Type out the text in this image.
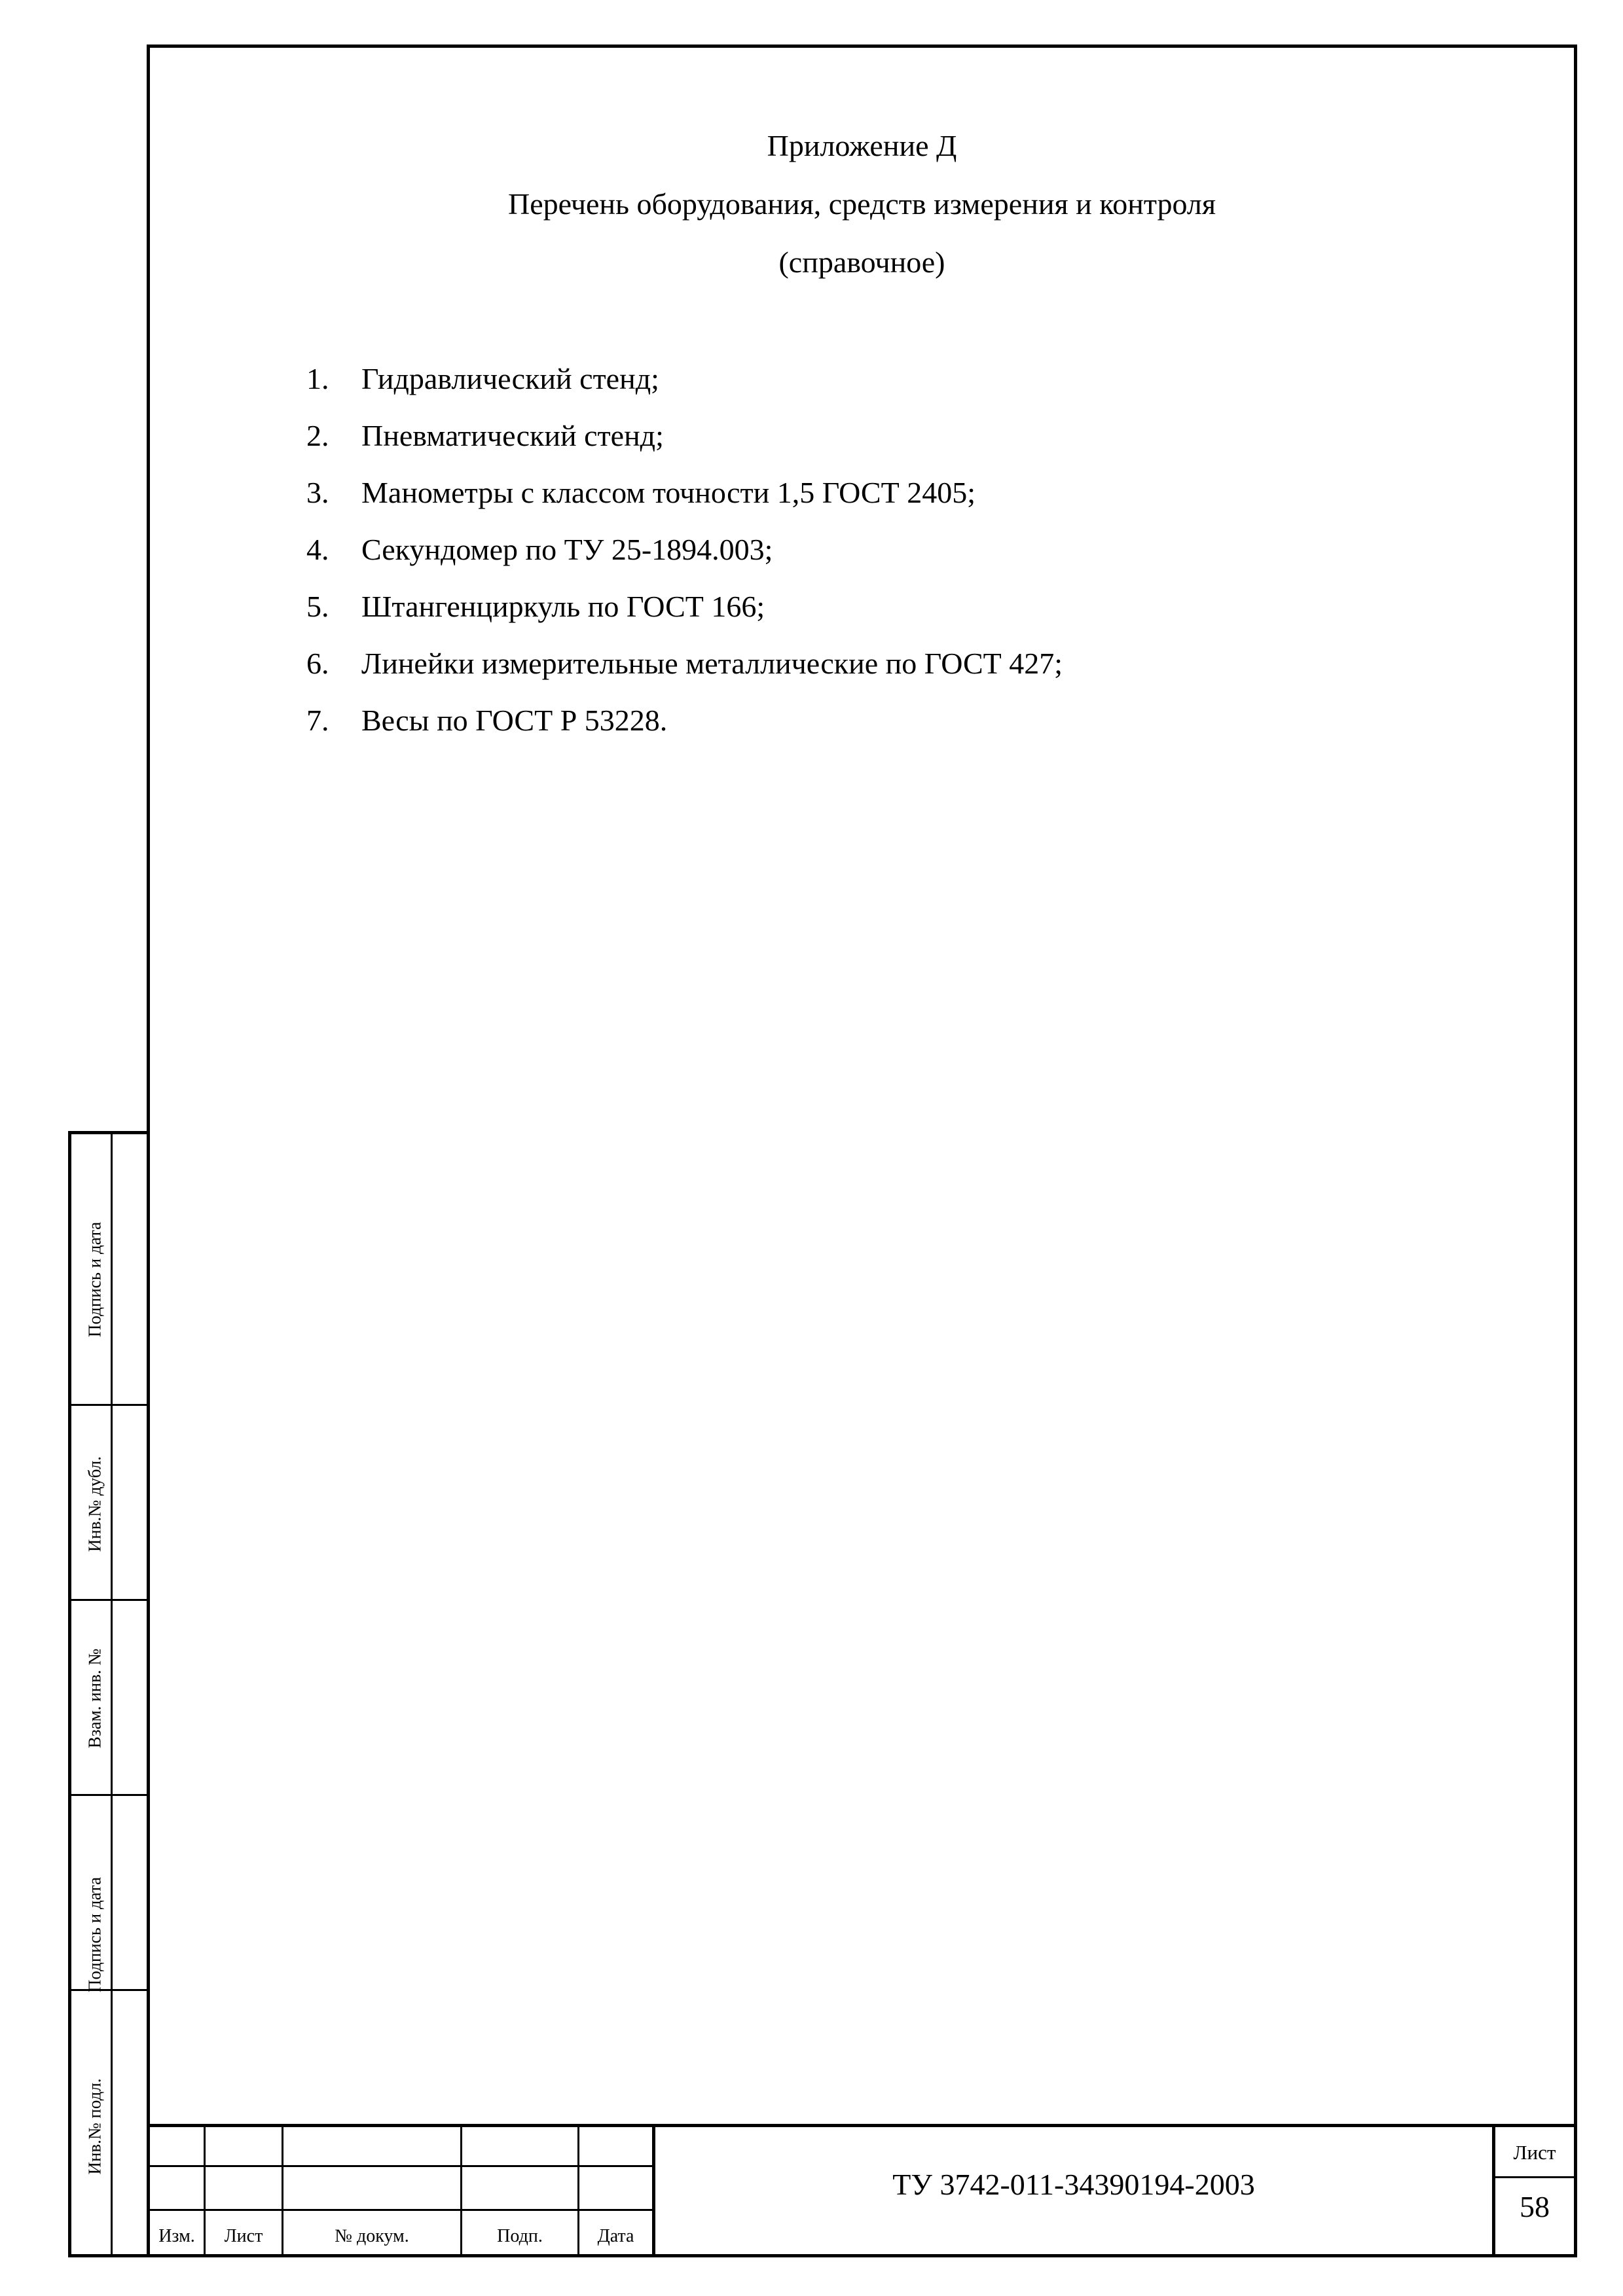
Приложение Д
Перечень оборудования, средств измерения и контроля
(справочное)
1. Гидравлический стенд;
2. Пневматический стенд;
3. Манометры с классом точности 1,5 ГОСТ 2405;
4. Секундомер по ТУ 25-1894.003;
5. Штангенциркуль по ГОСТ 166;
6. Линейки измерительные металлические по ГОСТ 427;
7. Весы по ГОСТ Р 53228.
Подпись и дата
Инв.№ дубл.
Взам. инв. №
Подпись и дата
Инв.№ подл.
Изм.	Лист	№ докум.	Подп.	Дата
ТУ 3742-011-34390194-2003
Лист
58
